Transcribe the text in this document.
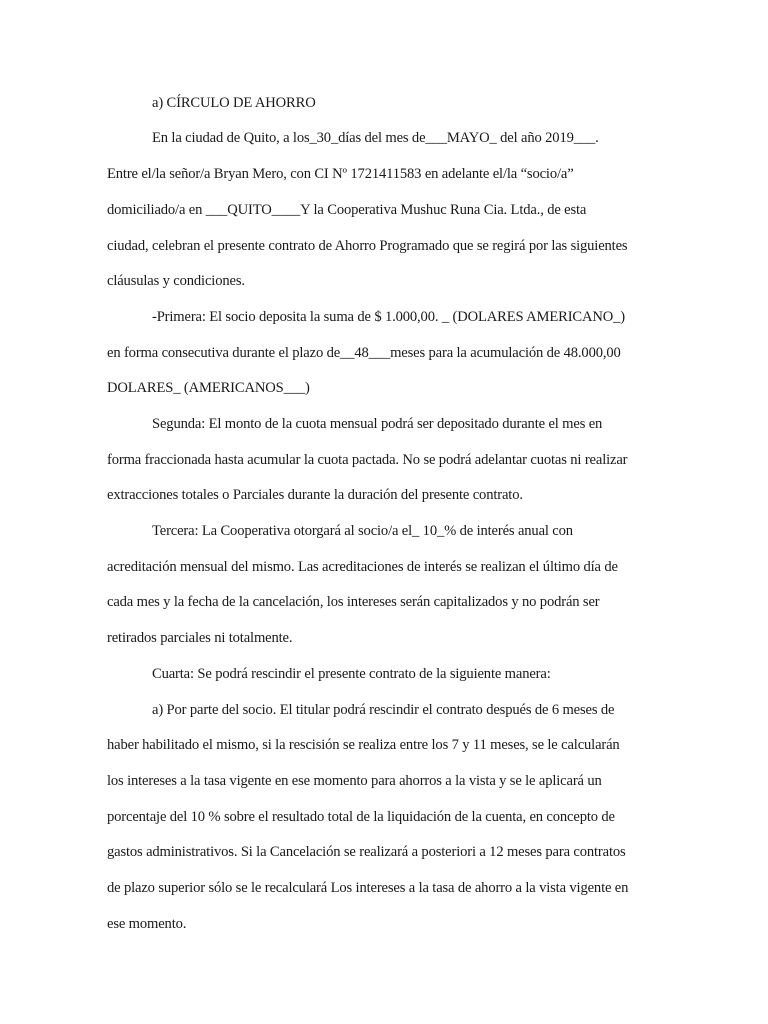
a) CÍRCULO DE AHORRO
En la ciudad de Quito, a los_30_días del mes de___MAYO_ del año 2019___.
Entre el/la señor/a Bryan Mero, con CI Nº 1721411583 en adelante el/la “socio/a”
domiciliado/a en ___QUITO____Y la Cooperativa Mushuc Runa Cia. Ltda., de esta
ciudad, celebran el presente contrato de Ahorro Programado que se regirá por las siguientes
cláusulas y condiciones.
-Primera: El socio deposita la suma de $ 1.000,00. _ (DOLARES AMERICANO_)
en forma consecutiva durante el plazo de__48___meses para la acumulación de 48.000,00
DOLARES_ (AMERICANOS___)
Segunda: El monto de la cuota mensual podrá ser depositado durante el mes en
forma fraccionada hasta acumular la cuota pactada. No se podrá adelantar cuotas ni realizar
extracciones totales o Parciales durante la duración del presente contrato.
Tercera: La Cooperativa otorgará al socio/a el_ 10_% de interés anual con
acreditación mensual del mismo. Las acreditaciones de interés se realizan el último día de
cada mes y la fecha de la cancelación, los intereses serán capitalizados y no podrán ser
retirados parciales ni totalmente.
Cuarta: Se podrá rescindir el presente contrato de la siguiente manera:
a) Por parte del socio. El titular podrá rescindir el contrato después de 6 meses de
haber habilitado el mismo, si la rescisión se realiza entre los 7 y 11 meses, se le calcularán
los intereses a la tasa vigente en ese momento para ahorros a la vista y se le aplicará un
porcentaje del 10 % sobre el resultado total de la liquidación de la cuenta, en concepto de
gastos administrativos. Si la Cancelación se realizará a posteriori a 12 meses para contratos
de plazo superior sólo se le recalculará Los intereses a la tasa de ahorro a la vista vigente en
ese momento.
